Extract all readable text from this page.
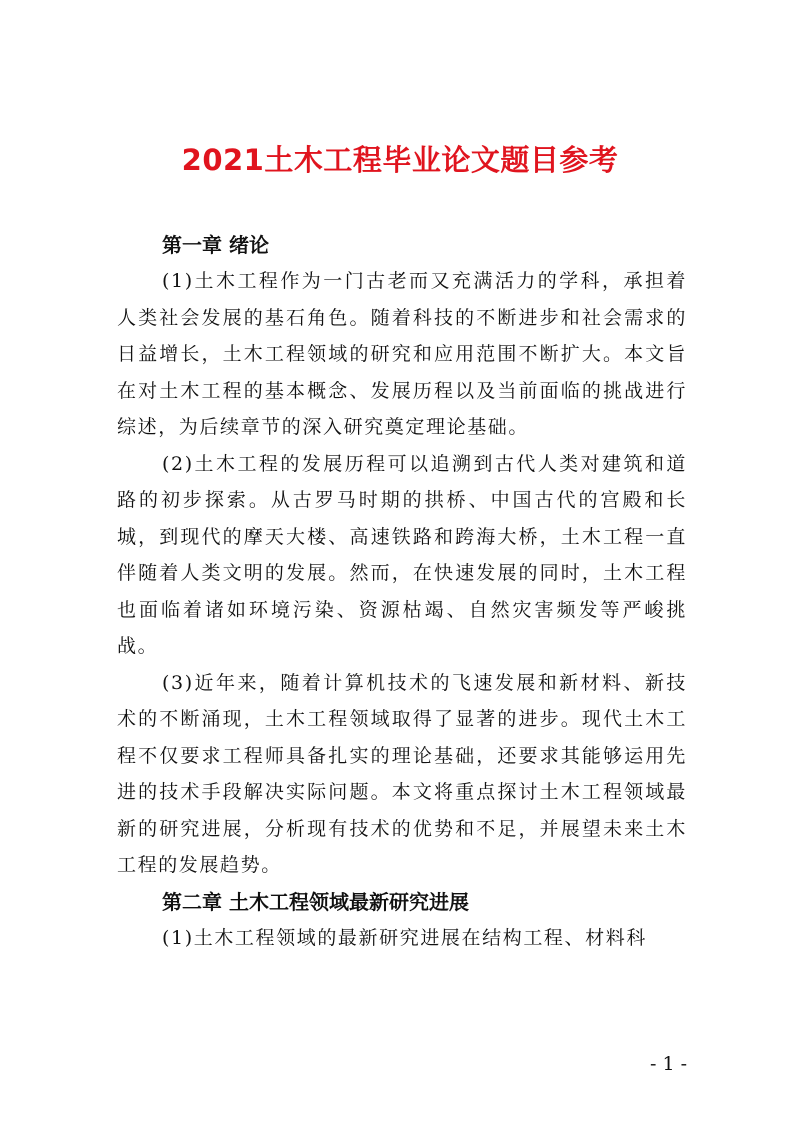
2021土木工程毕业论文题目参考
第一章 绪论

(1)土木工程作为一门古老而又充满活力的学科，承担着人类社会发展的基石角色。随着科技的不断进步和社会需求的日益增长，土木工程领域的研究和应用范围不断扩大。本文旨在对土木工程的基本概念、发展历程以及当前面临的挑战进行综述，为后续章节的深入研究奠定理论基础。

(2)土木工程的发展历程可以追溯到古代人类对建筑和道路的初步探索。从古罗马时期的拱桥、中国古代的宫殿和长城，到现代的摩天大楼、高速铁路和跨海大桥，土木工程一直伴随着人类文明的发展。然而，在快速发展的同时，土木工程也面临着诸如环境污染、资源枯竭、自然灾害频发等严峻挑战。

(3)近年来，随着计算机技术的飞速发展和新材料、新技术的不断涌现，土木工程领域取得了显著的进步。现代土木工程不仅要求工程师具备扎实的理论基础，还要求其能够运用先进的技术手段解决实际问题。本文将重点探讨土木工程领域最新的研究进展，分析现有技术的优势和不足，并展望未来土木工程的发展趋势。

第二章 土木工程领域最新研究进展

(1)土木工程领域的最新研究进展在结构工程、材料科

- 1 -
